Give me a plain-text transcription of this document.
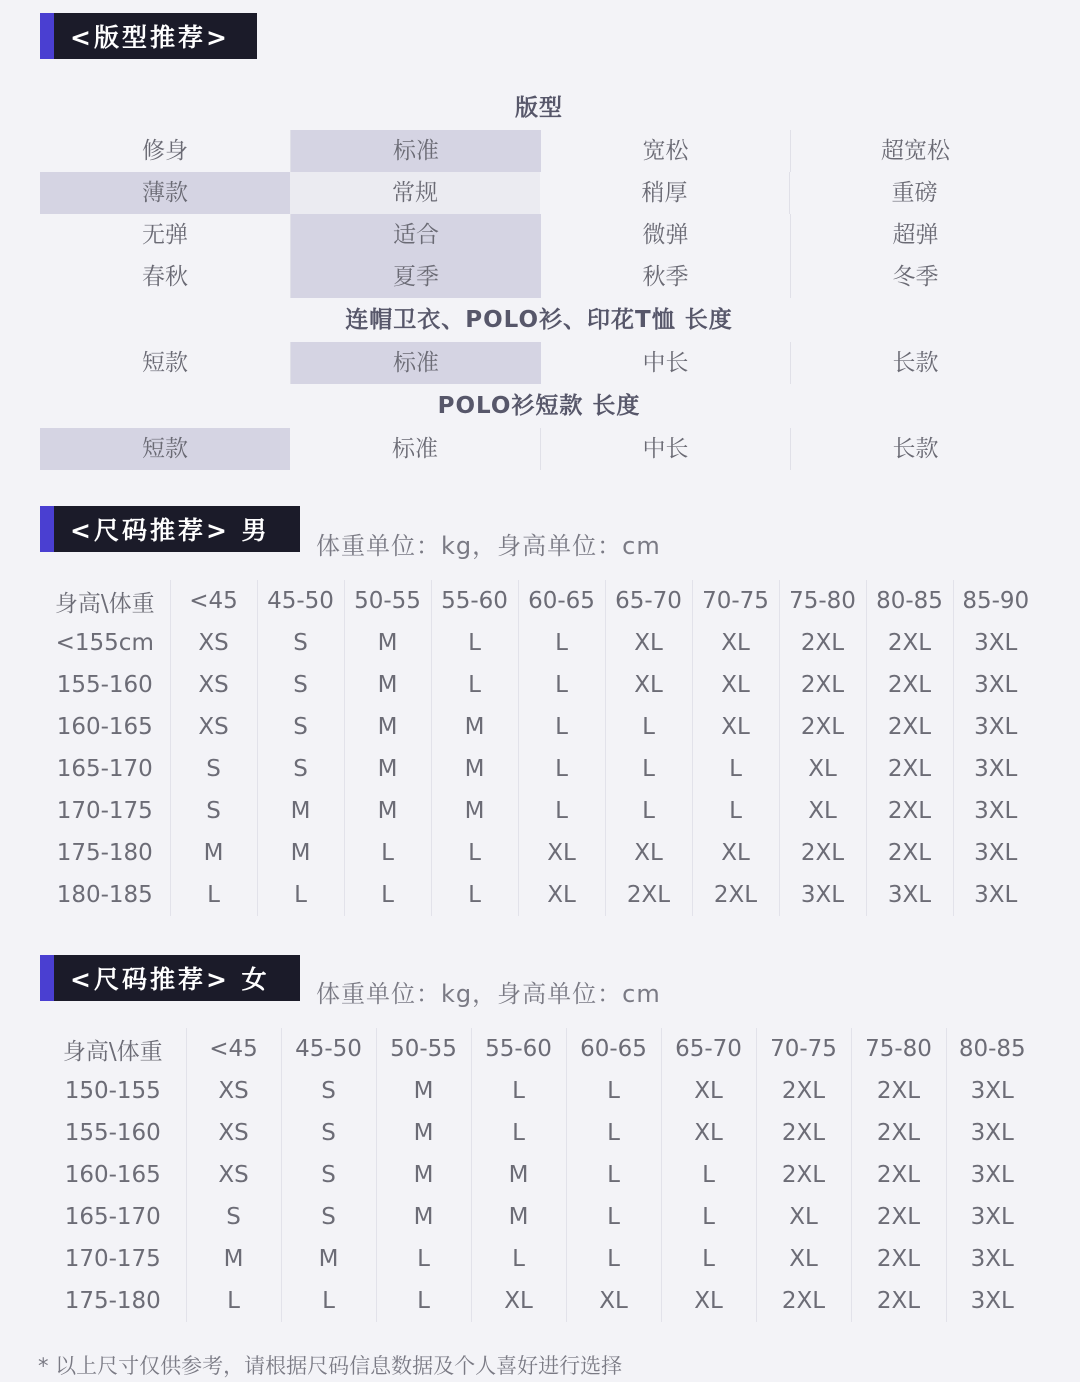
<版型推荐>
版型
修身	标准	宽松	超宽松
薄款	常规	稍厚	重磅
无弹	适合	微弹	超弹
春秋	夏季	秋季	冬季
连帽卫衣、POLO衫、印花T恤 长度
短款	标准	中长	长款
POLO衫短款 长度
短款	标准	中长	长款
<尺码推荐> 男
体重单位：kg，身高单位：cm
身高\体重	<45	45-50	50-55	55-60	60-65	65-70	70-75	75-80	80-85	85-90
<155cm	XS	S	M	L	L	XL	XL	2XL	2XL	3XL
155-160	XS	S	M	L	L	XL	XL	2XL	2XL	3XL
160-165	XS	S	M	M	L	L	XL	2XL	2XL	3XL
165-170	S	S	M	M	L	L	L	XL	2XL	3XL
170-175	S	M	M	M	L	L	L	XL	2XL	3XL
175-180	M	M	L	L	XL	XL	XL	2XL	2XL	3XL
180-185	L	L	L	L	XL	2XL	2XL	3XL	3XL	3XL
<尺码推荐> 女 体重单位：kg，身高单位：cm
身高\体重	<45	45-50	50-55	55-60	60-65	65-70	70-75	75-80	80-85
150-155	XS	S	M	L	L	XL	2XL	2XL	3XL
155-160	XS	S	M	L	L	XL	2XL	2XL	3XL
160-165	XS	S	M	M	L	L	2XL	2XL	3XL
165-170	S	S	M	M	L	L	XL	2XL	3XL
170-175	M	M	L	L	L	L	XL	2XL	3XL
175-180	L	L	L	XL	XL	XL	2XL	2XL	3XL
* 以上尺寸仅供参考，请根据尺码信息数据及个人喜好进行选择
